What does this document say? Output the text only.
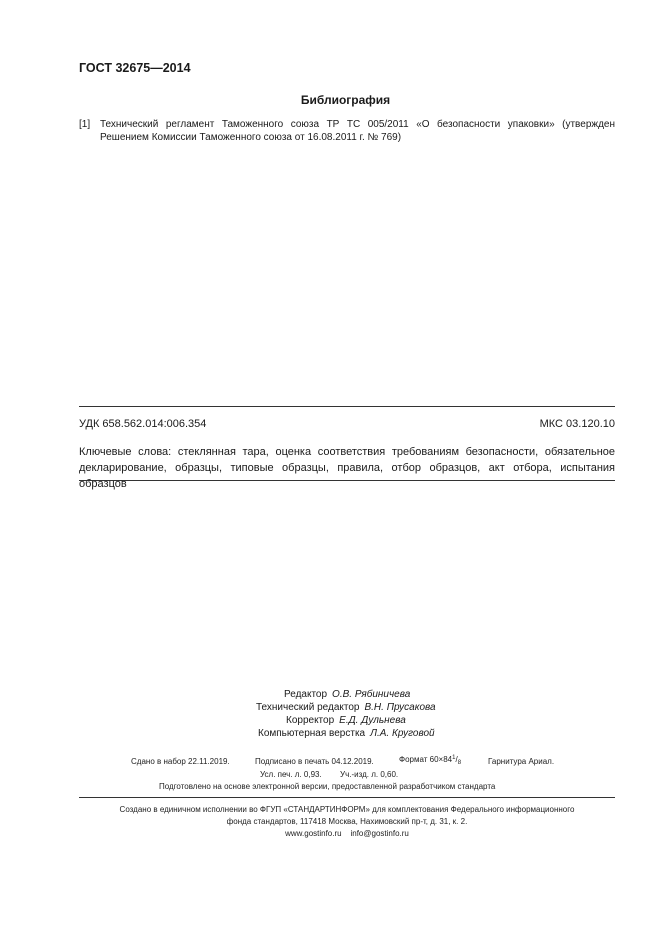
ГОСТ 32675—2014
Библиография
[1] Технический регламент Таможенного союза ТР ТС 005/2011 «О безопасности упаковки» (утвержден Решением Комиссии Таможенного союза от 16.08.2011 г. № 769)
УДК 658.562.014:006.354	МКС 03.120.10
Ключевые слова: стеклянная тара, оценка соответствия требованиям безопасности, обязательное декларирование, образцы, типовые образцы, правила, отбор образцов, акт отбора, испытания образцов
Редактор О.В. Рябиничева
Технический редактор В.Н. Прусакова
Корректор Е.Д. Дульнева
Компьютерная верстка Л.А. Круговой
Сдано в набор 22.11.2019.	Подписано в печать 04.12.2019.	Формат $60\times 84^1/_8$	Гарнитура Ариал.
Усл. печ. л. 0,93. Уч.-изд. л. 0,60.
Подготовлено на основе электронной версии, предоставленной разработчиком стандарта
Создано в единичном исполнении во ФГУП «СТАНДАРТИНФОРМ» для комплектования Федерального информационного
фонда стандартов, 117418 Москва, Нахимовский пр-т, д. 31, к. 2.
www.gostinfo.ru info@gostinfo.ru
